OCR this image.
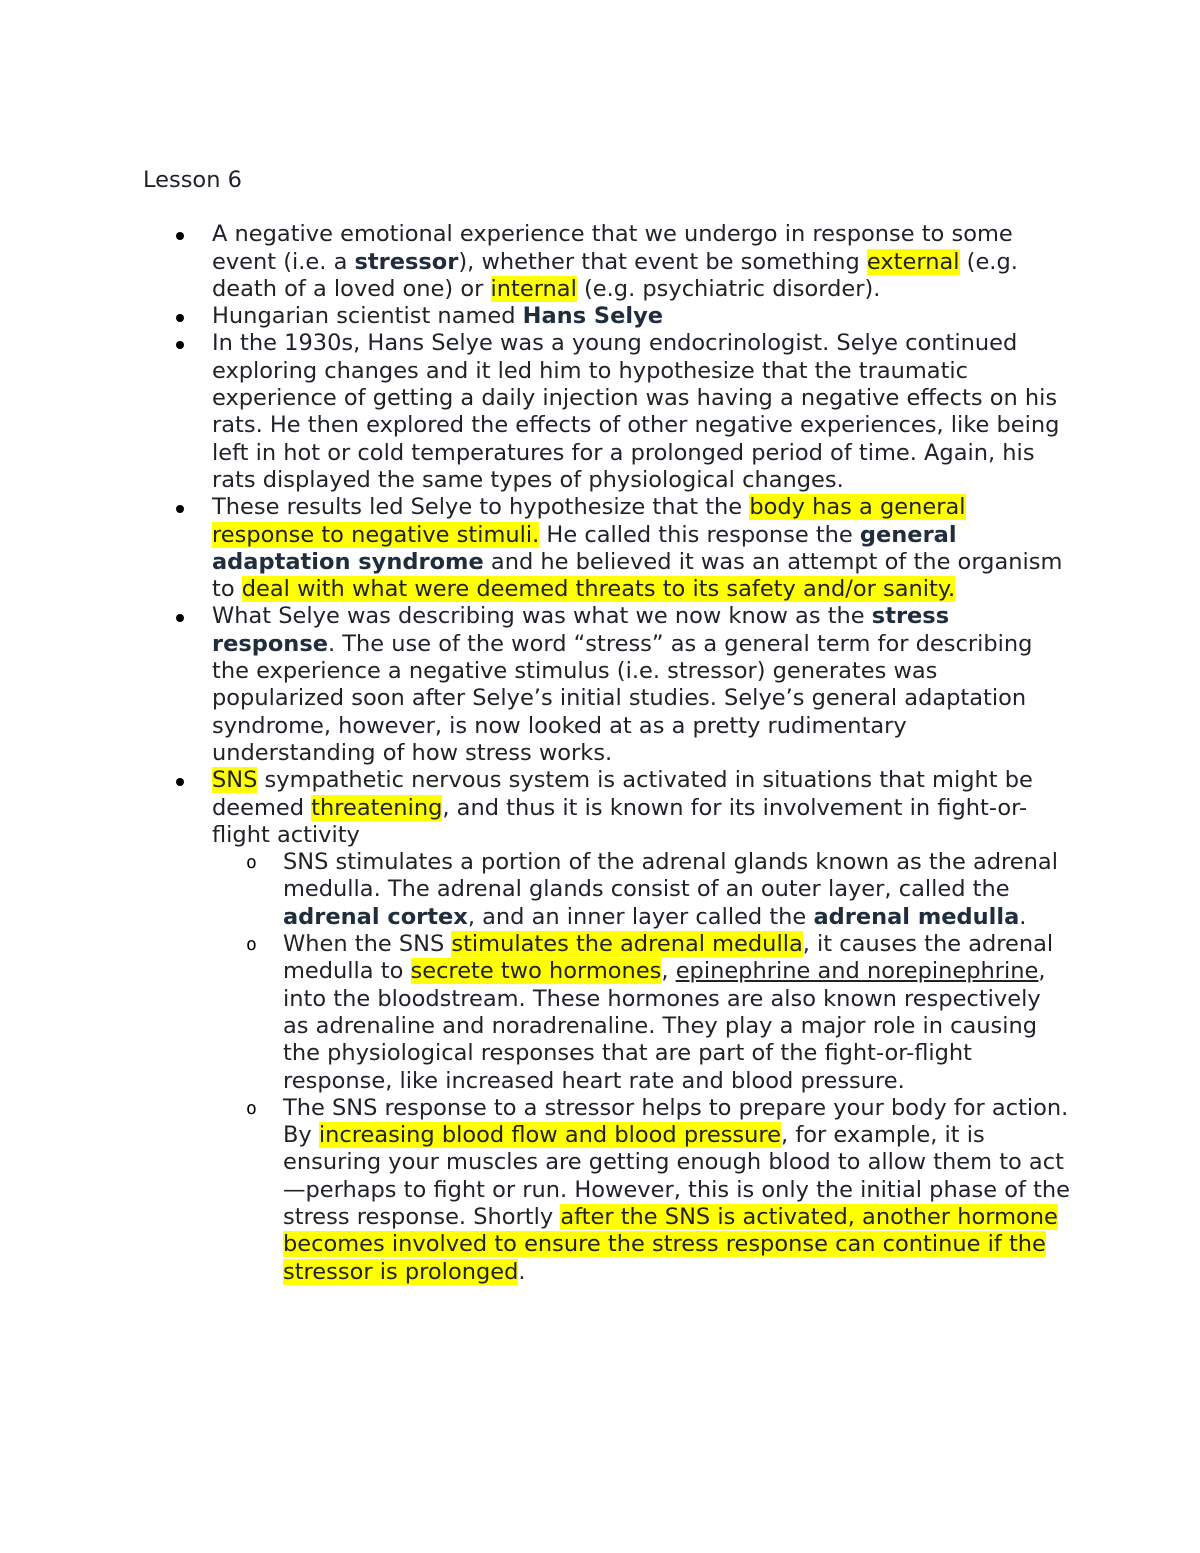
Lesson 6
A negative emotional experience that we undergo in response to some event (i.e. a stressor), whether that event be something external (e.g. death of a loved one) or internal (e.g. psychiatric disorder).
Hungarian scientist named Hans Selye
In the 1930s, Hans Selye was a young endocrinologist. Selye continued exploring changes and it led him to hypothesize that the traumatic experience of getting a daily injection was having a negative effects on his rats. He then explored the effects of other negative experiences, like being left in hot or cold temperatures for a prolonged period of time. Again, his rats displayed the same types of physiological changes.
These results led Selye to hypothesize that the body has a general response to negative stimuli. He called this response the general adaptation syndrome and he believed it was an attempt of the organism to deal with what were deemed threats to its safety and/or sanity.
What Selye was describing was what we now know as the stress response. The use of the word “stress” as a general term for describing the experience a negative stimulus (i.e. stressor) generates was popularized soon after Selye’s initial studies. Selye’s general adaptation syndrome, however, is now looked at as a pretty rudimentary understanding of how stress works.
SNS sympathetic nervous system is activated in situations that might be deemed threatening, and thus it is known for its involvement in fight-or-flight activity
o SNS stimulates a portion of the adrenal glands known as the adrenal medulla. The adrenal glands consist of an outer layer, called the adrenal cortex, and an inner layer called the adrenal medulla.
o When the SNS stimulates the adrenal medulla, it causes the adrenal medulla to secrete two hormones, epinephrine and norepinephrine, into the bloodstream. These hormones are also known respectively as adrenaline and noradrenaline. They play a major role in causing the physiological responses that are part of the fight-or-flight response, like increased heart rate and blood pressure.
o The SNS response to a stressor helps to prepare your body for action. By increasing blood flow and blood pressure, for example, it is ensuring your muscles are getting enough blood to allow them to act—perhaps to fight or run. However, this is only the initial phase of the stress response. Shortly after the SNS is activated, another hormone becomes involved to ensure the stress response can continue if the stressor is prolonged.
